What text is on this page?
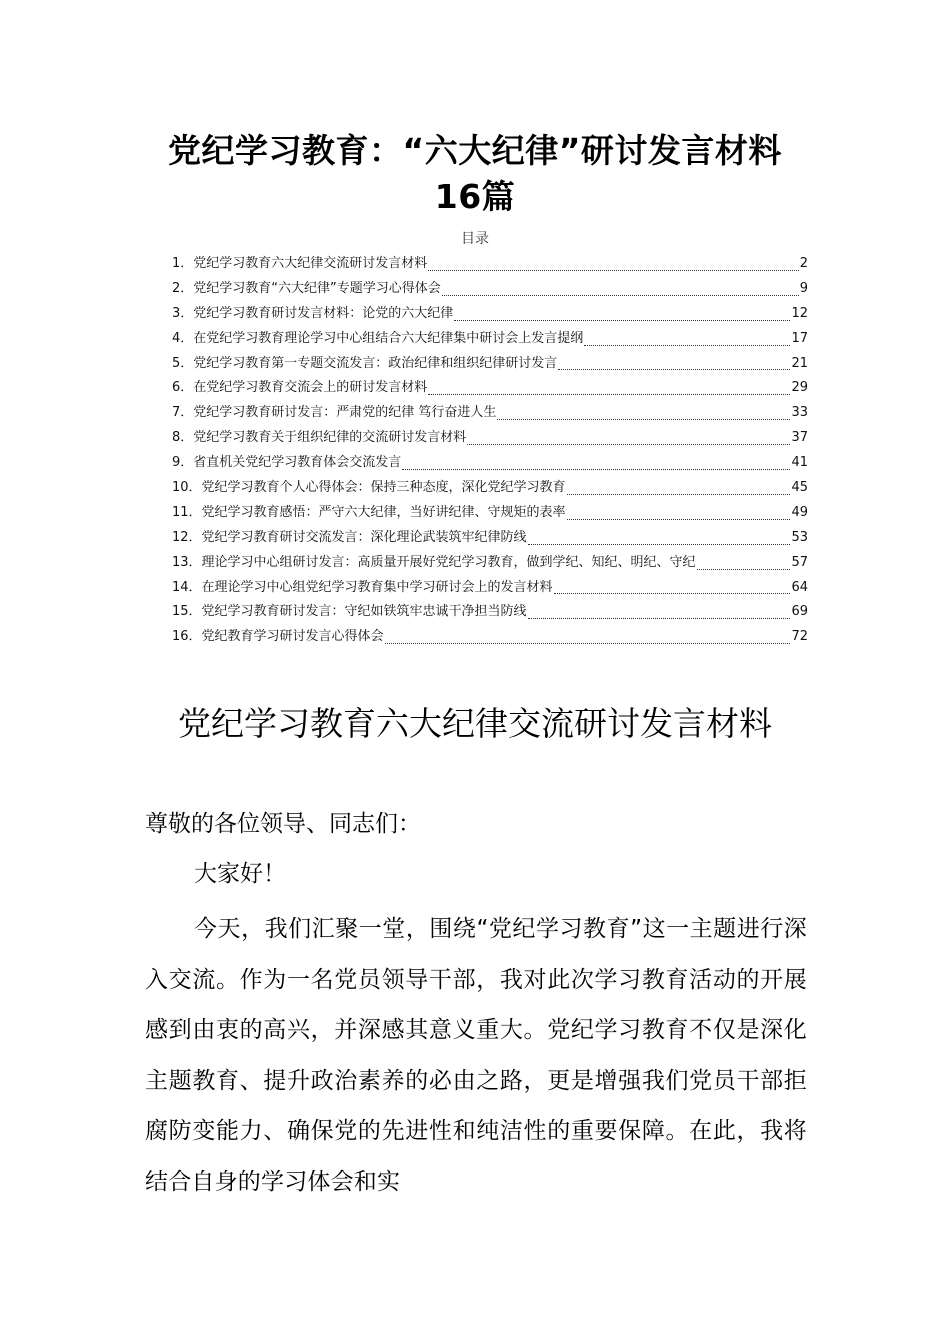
党纪学习教育：“六大纪律”研讨发言材料16篇
目录
1． 党纪学习教育六大纪律交流研讨发言材料	2
2． 党纪学习教育“六大纪律”专题学习心得体会	9
3． 党纪学习教育研讨发言材料：论党的六大纪律	12
4． 在党纪学习教育理论学习中心组结合六大纪律集中研讨会上发言提纲	17
5． 党纪学习教育第一专题交流发言：政治纪律和组织纪律研讨发言	21
6． 在党纪学习教育交流会上的研讨发言材料	29
7． 党纪学习教育研讨发言：严肃党的纪律 笃行奋进人生	33
8． 党纪学习教育关于组织纪律的交流研讨发言材料	37
9． 省直机关党纪学习教育体会交流发言	41
10． 党纪学习教育个人心得体会：保持三种态度，深化党纪学习教育	45
11． 党纪学习教育感悟：严守六大纪律，当好讲纪律、守规矩的表率	49
12． 党纪学习教育研讨交流发言：深化理论武装筑牢纪律防线	53
13． 理论学习中心组研讨发言：高质量开展好党纪学习教育，做到学纪、知纪、明纪、守纪	57
14． 在理论学习中心组党纪学习教育集中学习研讨会上的发言材料	64
15． 党纪学习教育研讨发言：守纪如铁筑牢忠诚干净担当防线	69
16． 党纪教育学习研讨发言心得体会	72
党纪学习教育六大纪律交流研讨发言材料

尊敬的各位领导、同志们：

大家好！

今天，我们汇聚一堂，围绕“党纪学习教育”这一主题进行深入交流。作为一名党员领导干部，我对此次学习教育活动的开展感到由衷的高兴，并深感其意义重大。党纪学习教育不仅是深化主题教育、提升政治素养的必由之路，更是增强我们党员干部拒腐防变能力、确保党的先进性和纯洁性的重要保障。在此，我将结合自身的学习体会和实
